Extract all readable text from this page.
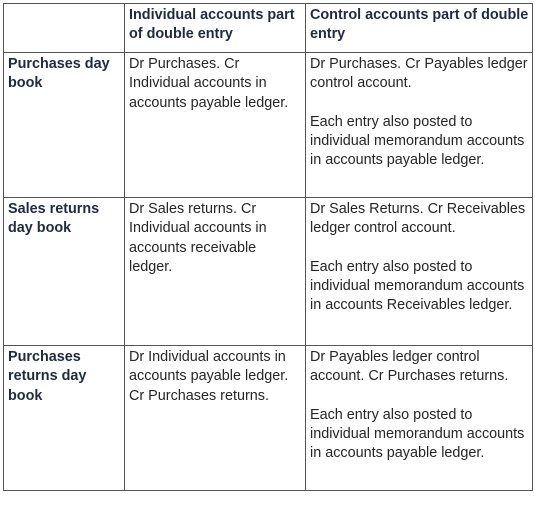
	Individual accounts part of double entry	Control accounts part of double entry
Purchases day book	Dr Purchases. Cr Individual accounts in accounts payable ledger.	Dr Purchases. Cr Payables ledger control account.
Each entry also posted to individual memorandum accounts in accounts payable ledger.

Sales returns day book	Dr Sales returns. Cr Individual accounts in accounts receivable ledger.	Dr Sales Returns. Cr Receivables ledger control account.
Each entry also posted to individual memorandum accounts in accounts Receivables ledger.

Purchases returns day book	Dr Individual accounts in accounts payable ledger. Cr Purchases returns.	Dr Payables ledger control account. Cr Purchases returns.
Each entry also posted to individual memorandum accounts in accounts payable ledger.
